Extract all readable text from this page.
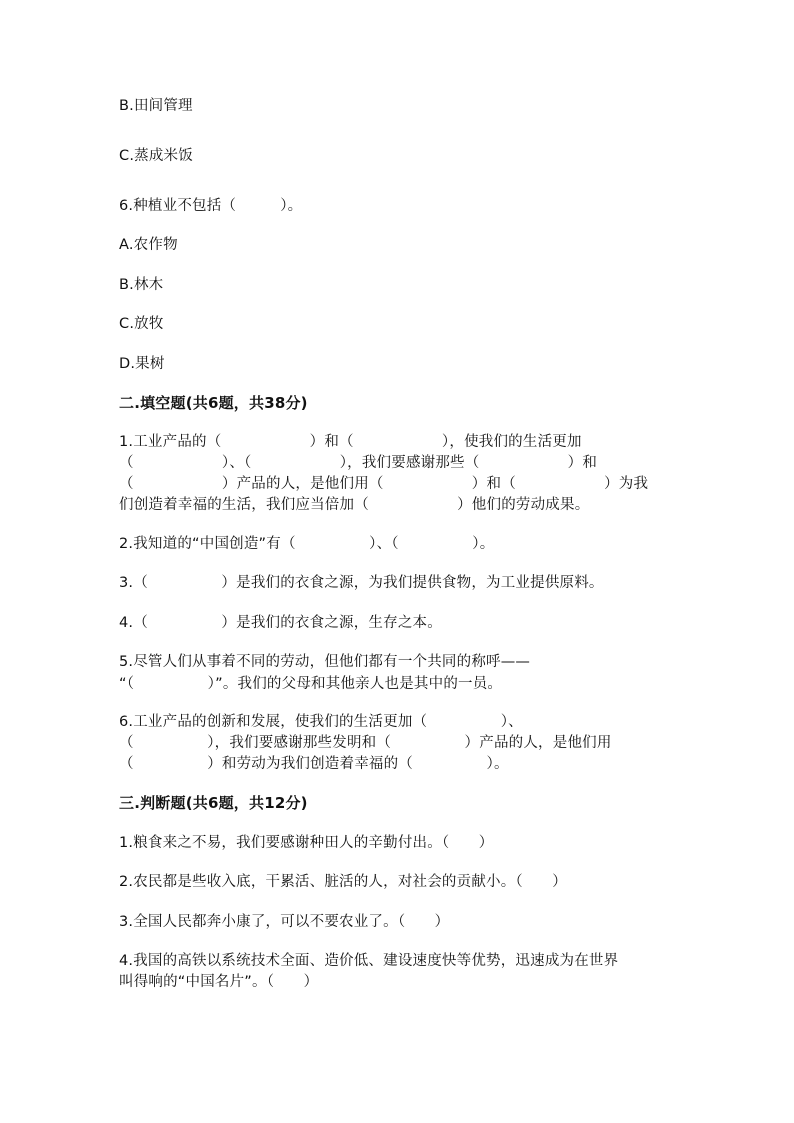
B.田间管理
C.蒸成米饭
6.种植业不包括（　　　）。
A.农作物
B.林木
C.放牧
D.果树
二.填空题(共6题，共38分)
1.工业产品的（　　　　　　）和（　　　　　　），使我们的生活更加
（　　　　　　）、（　　　　　　），我们要感谢那些（　　　　　　）和
（　　　　　　）产品的人，是他们用（　　　　　　）和（　　　　　　）为我
们创造着幸福的生活，我们应当倍加（　　　　　　）他们的劳动成果。
2.我知道的“中国创造”有（　　　　　）、（　　　　　）。
3.（　　　　　）是我们的衣食之源，为我们提供食物，为工业提供原料。
4.（　　　　　）是我们的衣食之源，生存之本。
5.尽管人们从事着不同的劳动，但他们都有一个共同的称呼——
“（　　　　　）”。我们的父母和其他亲人也是其中的一员。
6.工业产品的创新和发展，使我们的生活更加（　　　　　）、
（　　　　　），我们要感谢那些发明和（　　　　　）产品的人，是他们用
（　　　　　）和劳动为我们创造着幸福的（　　　　　）。
三.判断题(共6题，共12分)
1.粮食来之不易，我们要感谢种田人的辛勤付出。（　　）
2.农民都是些收入底，干累活、脏活的人，对社会的贡献小。（　　）
3.全国人民都奔小康了，可以不要农业了。（　　）
4.我国的高铁以系统技术全面、造价低、建设速度快等优势，迅速成为在世界
叫得响的“中国名片”。（　　）
